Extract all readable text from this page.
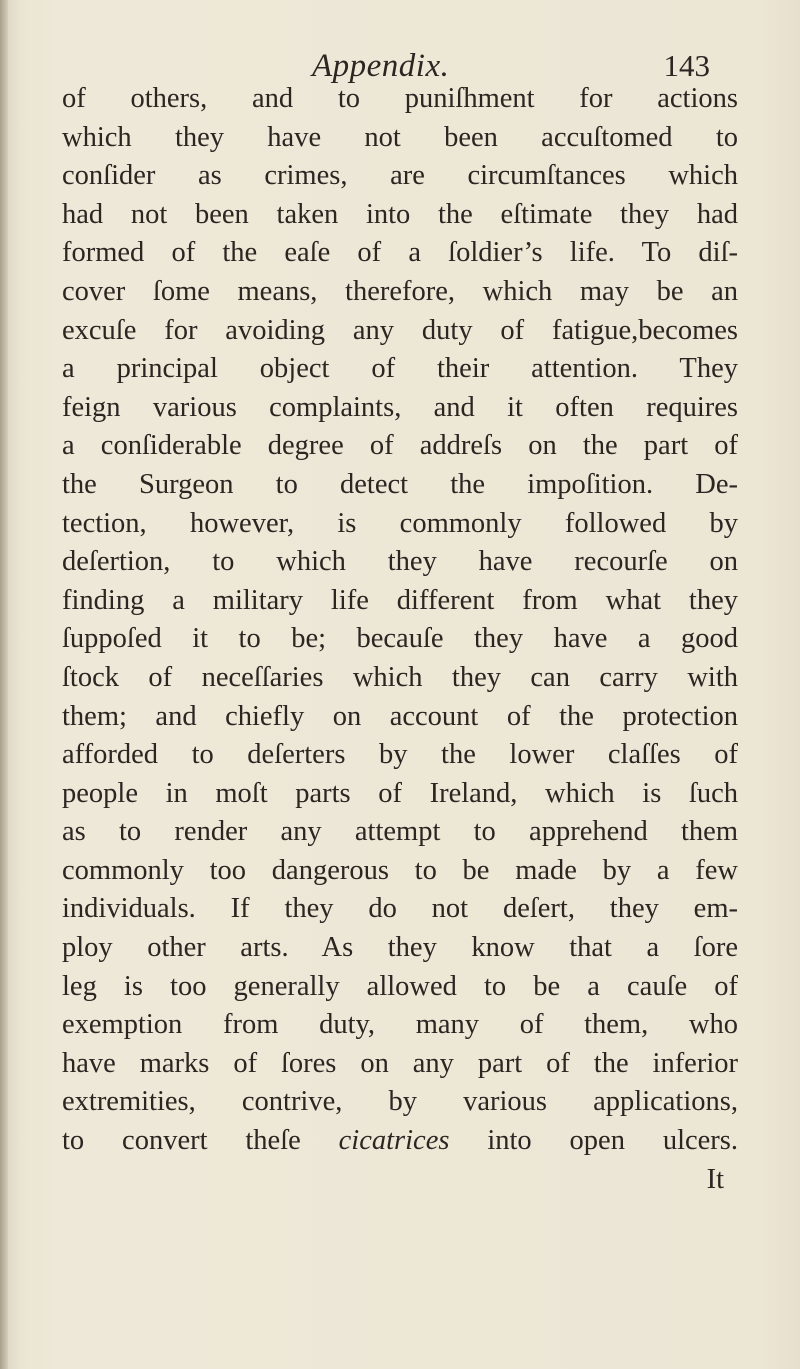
Appendix.	143
of others, and to puniſhment for actions
which they have not been accuſtomed to
conſider as crimes, are circumſtances which
had not been taken into the eſtimate they had
formed of the eaſe of a ſoldier’s life. To diſ-
cover ſome means, therefore, which may be an
excuſe for avoiding any duty of fatigue,becomes
a principal object of their attention. They
feign various complaints, and it often requires
a conſiderable degree of addreſs on the part of
the Surgeon to detect the impoſition. De-
tection, however, is commonly followed by
deſertion, to which they have recourſe on
finding a military life different from what they
ſuppoſed it to be; becauſe they have a good
ſtock of neceſſaries which they can carry with
them; and chiefly on account of the protection
afforded to deſerters by the lower claſſes of
people in moſt parts of Ireland, which is ſuch
as to render any attempt to apprehend them
commonly too dangerous to be made by a few
individuals. If they do not deſert, they em-
ploy other arts. As they know that a ſore
leg is too generally allowed to be a cauſe of
exemption from duty, many of them, who
have marks of ſores on any part of the inferior
extremities, contrive, by various applications,
to convert theſe cicatrices into open ulcers.
It
